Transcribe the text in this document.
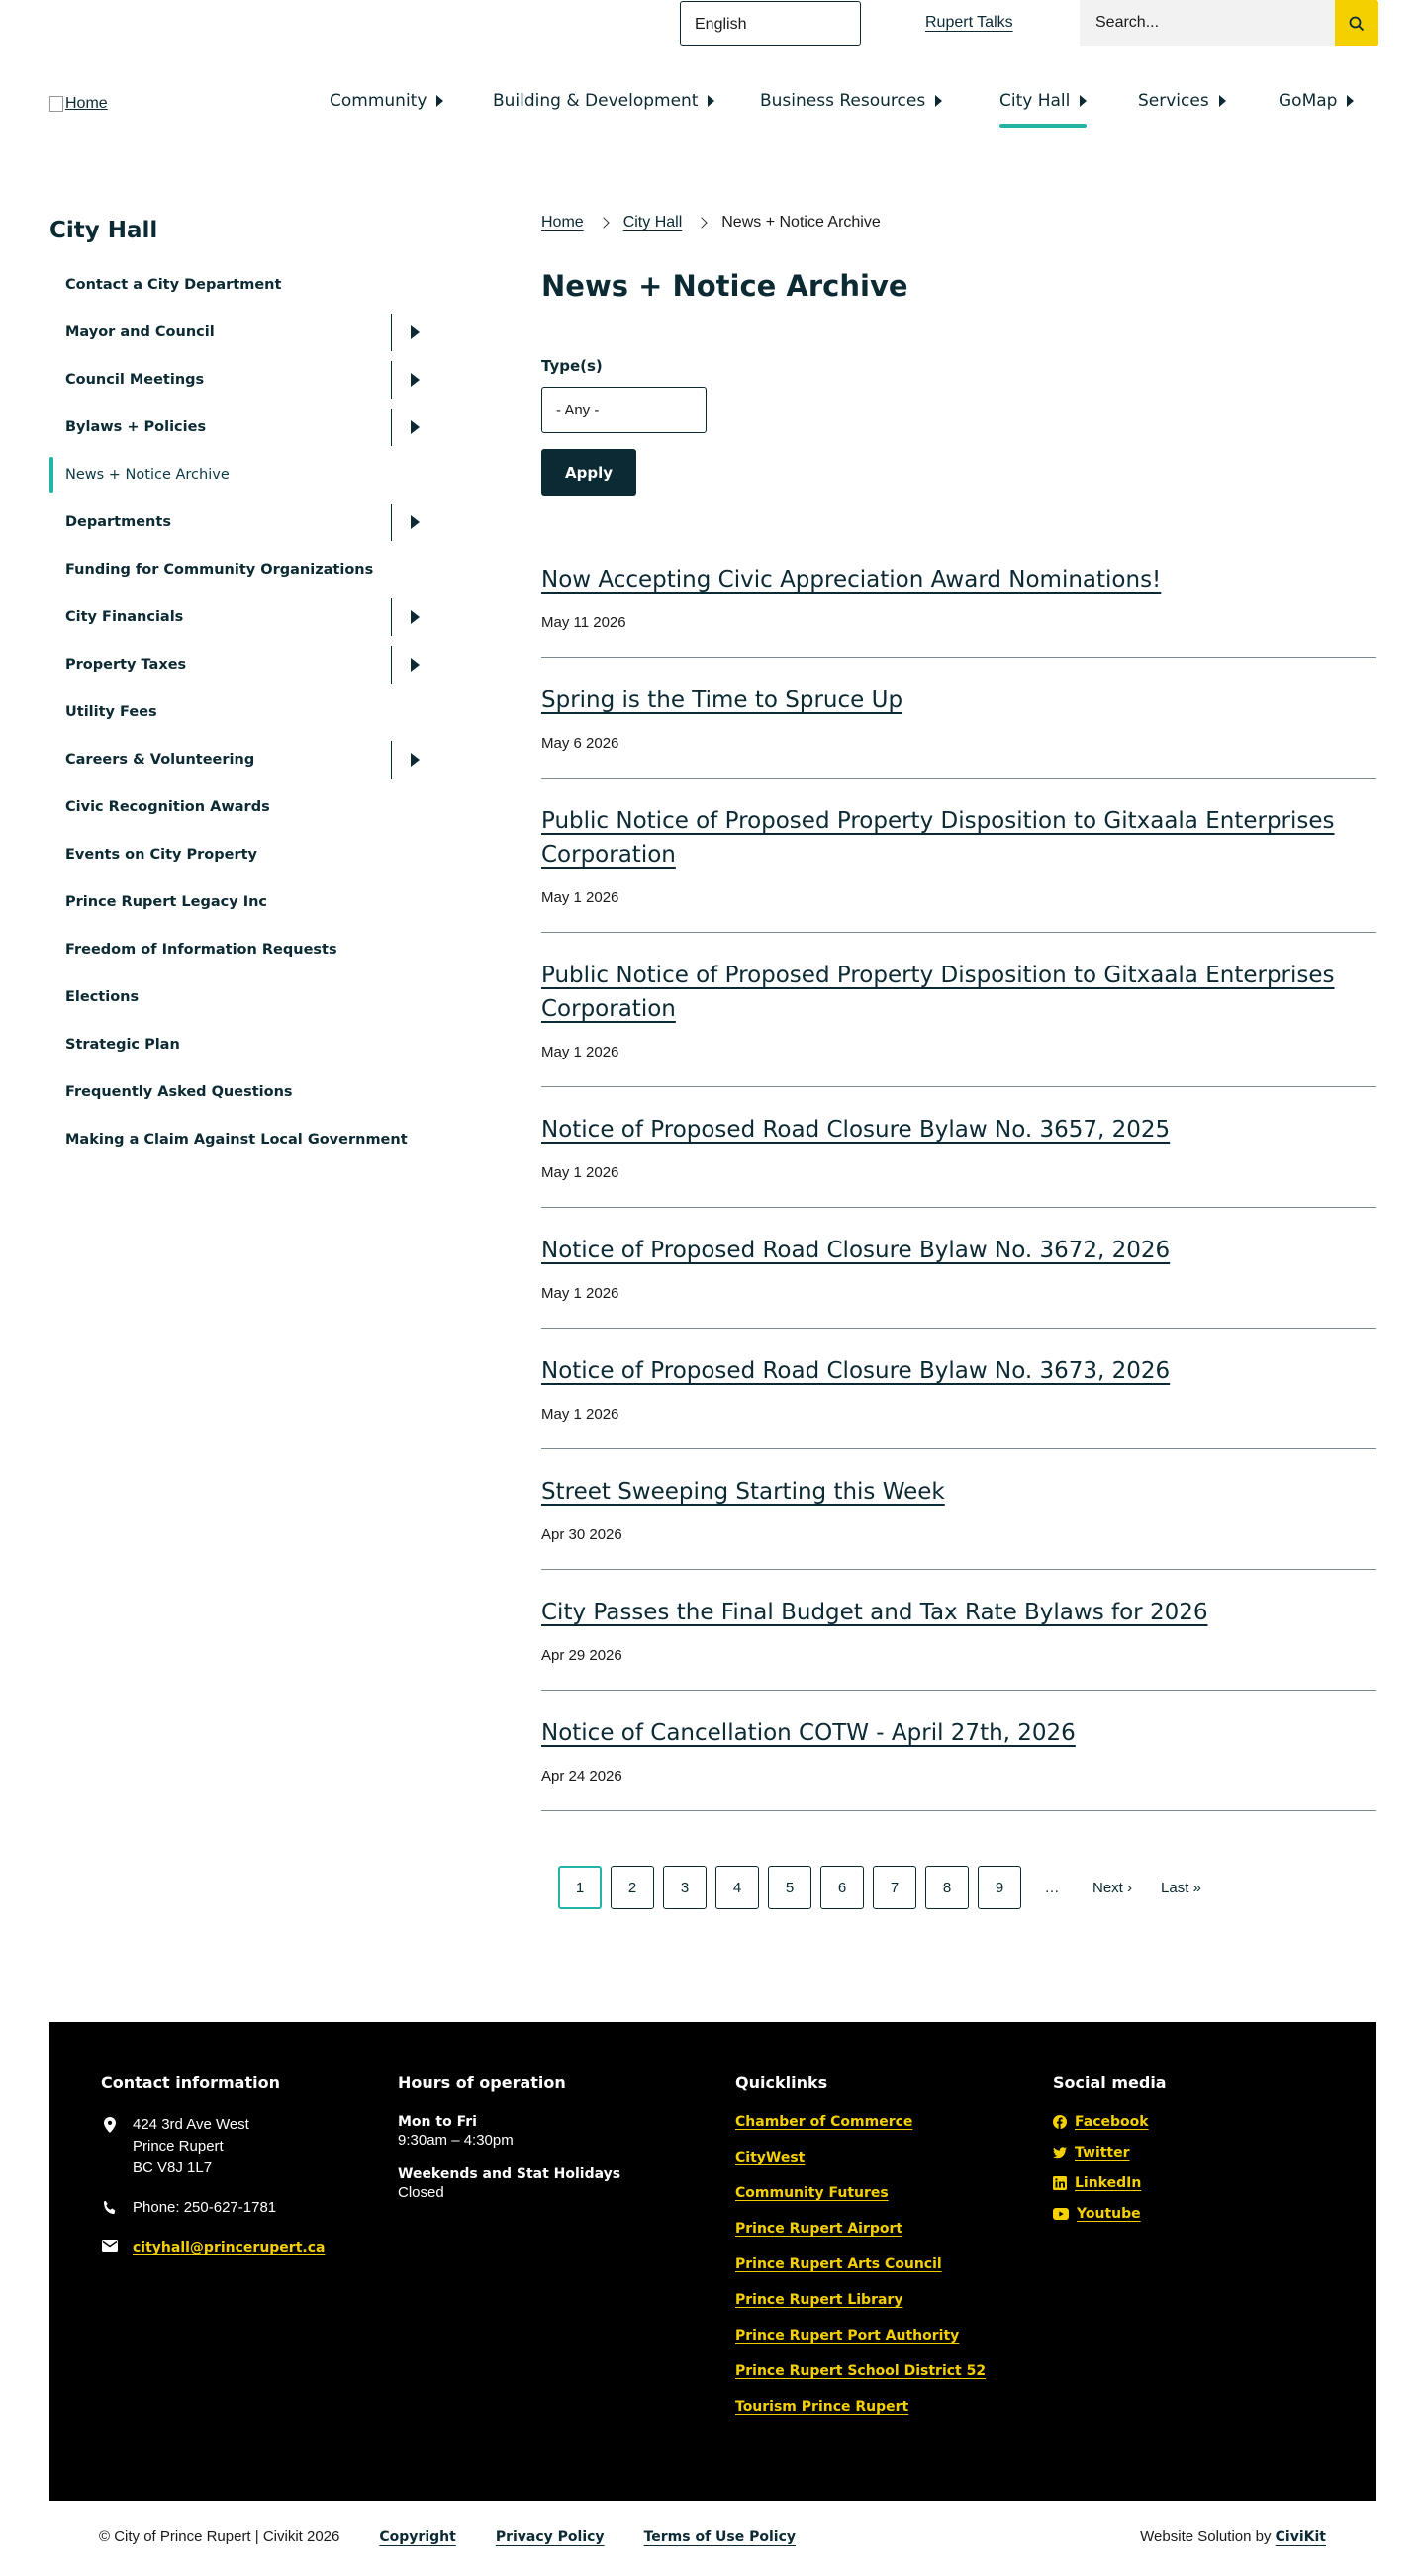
English	Rupert Talks	Search...
Home	Community	Building & Development	Business Resources	City Hall	Services	GoMap
City Hall
Contact a City Department
Mayor and Council
Council Meetings
Bylaws + Policies
News + Notice Archive
Departments
Funding for Community Organizations
City Financials
Property Taxes
Utility Fees
Careers & Volunteering
Civic Recognition Awards
Events on City Property
Prince Rupert Legacy Inc
Freedom of Information Requests
Elections
Strategic Plan
Frequently Asked Questions
Making a Claim Against Local Government
Home	City Hall	News + Notice Archive
News + Notice Archive
Type(s)
- Any -
Apply
Now Accepting Civic Appreciation Award Nominations!
May 11 2026
Spring is the Time to Spruce Up
May 6 2026
Public Notice of Proposed Property Disposition to Gitxaala Enterprises Corporation
May 1 2026
Public Notice of Proposed Property Disposition to Gitxaala Enterprises Corporation
May 1 2026
Notice of Proposed Road Closure Bylaw No. 3657, 2025
May 1 2026
Notice of Proposed Road Closure Bylaw No. 3672, 2026
May 1 2026
Notice of Proposed Road Closure Bylaw No. 3673, 2026
May 1 2026
Street Sweeping Starting this Week
Apr 30 2026
City Passes the Final Budget and Tax Rate Bylaws for 2026
Apr 29 2026
Notice of Cancellation COTW - April 27th, 2026
Apr 24 2026
1	2	3	4	5	6	7	8	9	…	Next ›	Last »
Contact information
424 3rd Ave West
Prince Rupert
BC V8J 1L7
Phone: 250-627-1781
cityhall@princerupert.ca
Hours of operation
Mon to Fri
9:30am – 4:30pm
Weekends and Stat Holidays
Closed
Quicklinks
Chamber of Commerce
CityWest
Community Futures
Prince Rupert Airport
Prince Rupert Arts Council
Prince Rupert Library
Prince Rupert Port Authority
Prince Rupert School District 52
Tourism Prince Rupert
Social media
Facebook
Twitter
LinkedIn
Youtube
© City of Prince Rupert | Civikit 2026	Copyright	Privacy Policy	Terms of Use Policy	Website Solution by CiviKit
